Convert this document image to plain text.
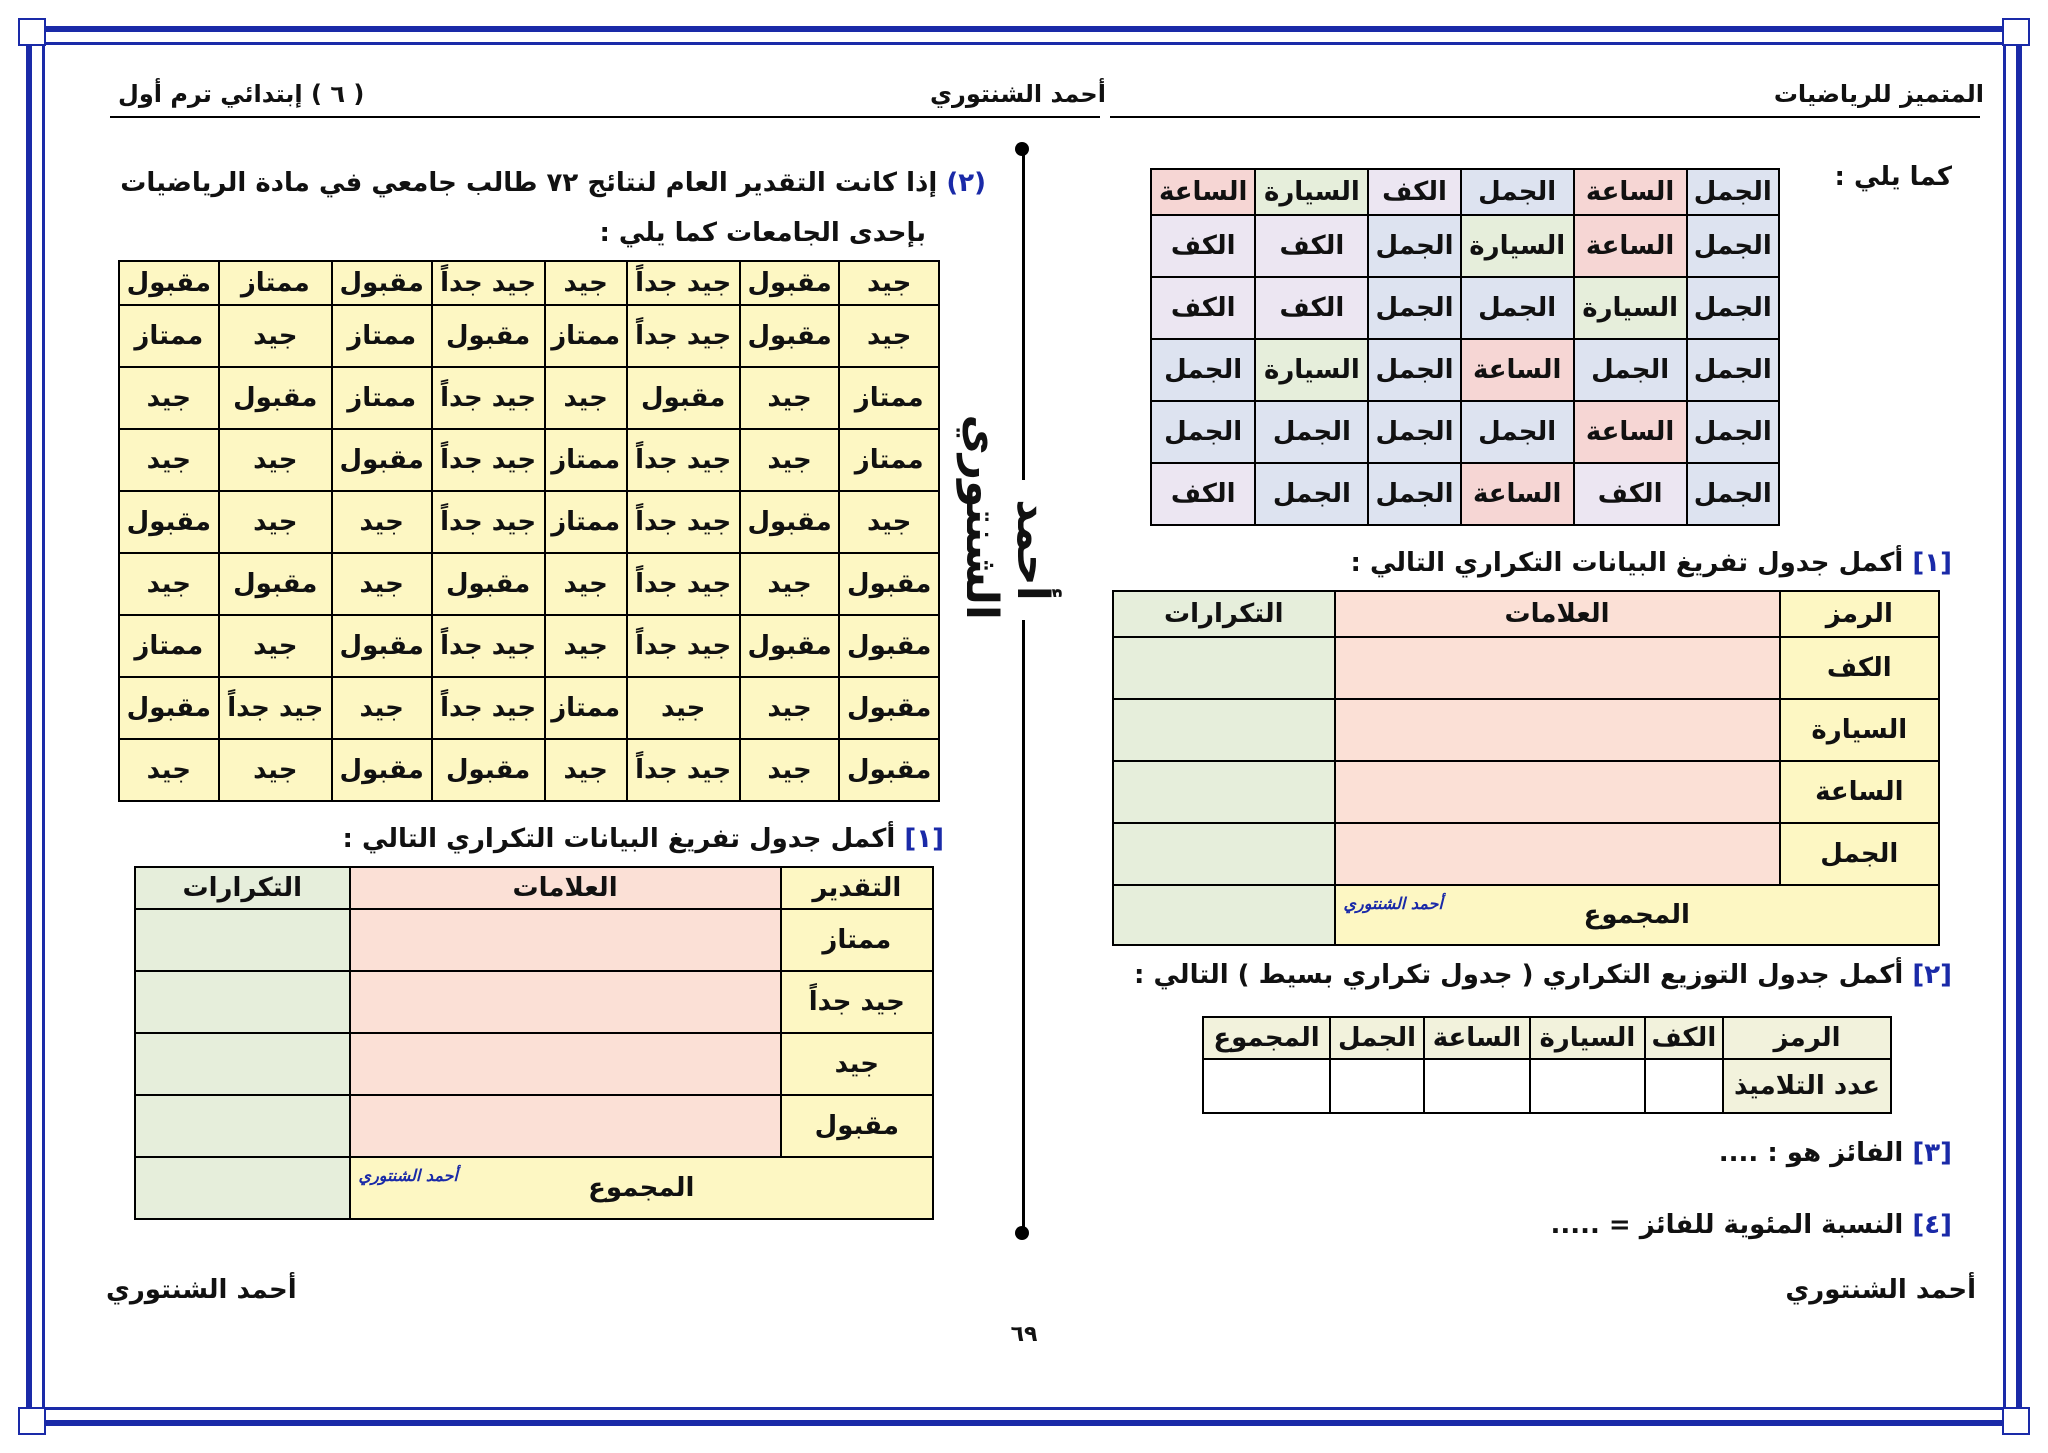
المتميز للرياضيات
أحمد الشنتوري
( ٦ ) إبتدائي ترم أول
أحمد الشنتوري
كما يلي :
الجمل	الساعة	الجمل	الكف	السيارة	الساعة
الجمل	الساعة	السيارة	الجمل	الكف	الكف
الجمل	السيارة	الجمل	الجمل	الكف	الكف
الجمل	الجمل	الساعة	الجمل	السيارة	الجمل
الجمل	الساعة	الجمل	الجمل	الجمل	الجمل
الجمل	الكف	الساعة	الجمل	الجمل	الكف
[١] أكمل جدول تفريغ البيانات التكراري التالي :
الرمز	العلامات	التكرارات
الكف		
السيارة		
الساعة		
الجمل		
المجموع
أحمد الشنتوري		

[٢] أكمل جدول التوزيع التكراري ( جدول تكراري بسيط ) التالي :
الرمز	الكف	السيارة	الساعة	الجمل	المجموع
عدد التلاميذ					
[٣] الفائز هو : ....
[٤] النسبة المئوية للفائز = .....
(٢) إذا كانت التقدير العام لنتائج ٧٢ طالب جامعي في مادة الرياضيات
بإحدى الجامعات كما يلي :
جيد	مقبول	جيد جداً	جيد	جيد جداً	مقبول	ممتاز	مقبول
جيد	مقبول	جيد جداً	ممتاز	مقبول	ممتاز	جيد	ممتاز
ممتاز	جيد	مقبول	جيد	جيد جداً	ممتاز	مقبول	جيد
ممتاز	جيد	جيد جداً	ممتاز	جيد جداً	مقبول	جيد	جيد
جيد	مقبول	جيد جداً	ممتاز	جيد جداً	جيد	جيد	مقبول
مقبول	جيد	جيد جداً	جيد	مقبول	جيد	مقبول	جيد
مقبول	مقبول	جيد جداً	جيد	جيد جداً	مقبول	جيد	ممتاز
مقبول	جيد	جيد	ممتاز	جيد جداً	جيد	جيد جداً	مقبول
مقبول	جيد	جيد جداً	جيد	مقبول	مقبول	جيد	جيد
[١] أكمل جدول تفريغ البيانات التكراري التالي :
التقدير	العلامات	التكرارات
ممتاز		
جيد جداً		
جيد		
مقبول		
المجموع
أحمد الشنتوري		

أحمد الشنتوري
أحمد الشنتوري
٦٩
